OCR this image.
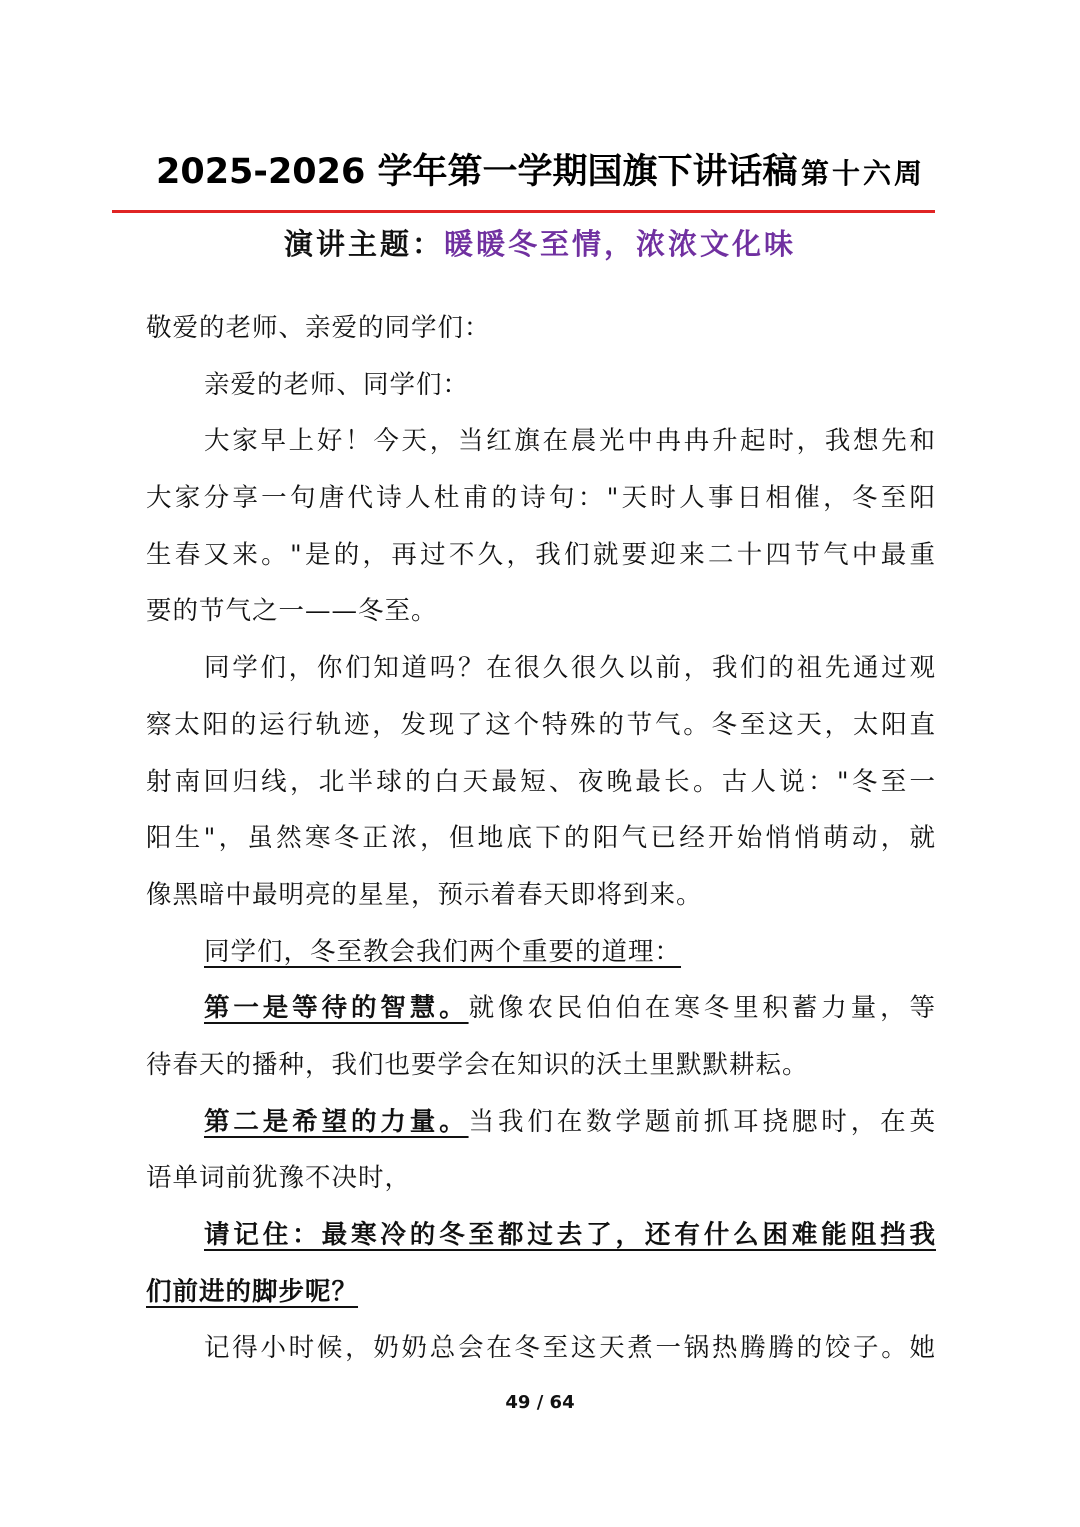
2025-2026 学年第一学期国旗下讲话稿 第十六周
演讲主题：暖暖冬至情，浓浓文化味
敬爱的老师、亲爱的同学们：
亲爱的老师、同学们：
大家早上好！今天，当红旗在晨光中冉冉升起时，我想先和
大家分享一句唐代诗人杜甫的诗句："天时人事日相催，冬至阳
生春又来。"是的，再过不久，我们就要迎来二十四节气中最重
要的节气之一——冬至。
同学们，你们知道吗？在很久很久以前，我们的祖先通过观
察太阳的运行轨迹，发现了这个特殊的节气。冬至这天，太阳直
射南回归线，北半球的白天最短、夜晚最长。古人说："冬至一
阳生"，虽然寒冬正浓，但地底下的阳气已经开始悄悄萌动，就
像黑暗中最明亮的星星，预示着春天即将到来。
同学们，冬至教会我们两个重要的道理：
第一是等待的智慧。就像农民伯伯在寒冬里积蓄力量，等
待春天的播种，我们也要学会在知识的沃土里默默耕耘。
第二是希望的力量。当我们在数学题前抓耳挠腮时，在英
语单词前犹豫不决时，
请记住：最寒冷的冬至都过去了，还有什么困难能阻挡我
们前进的脚步呢？
记得小时候，奶奶总会在冬至这天煮一锅热腾腾的饺子。她
49 / 64
